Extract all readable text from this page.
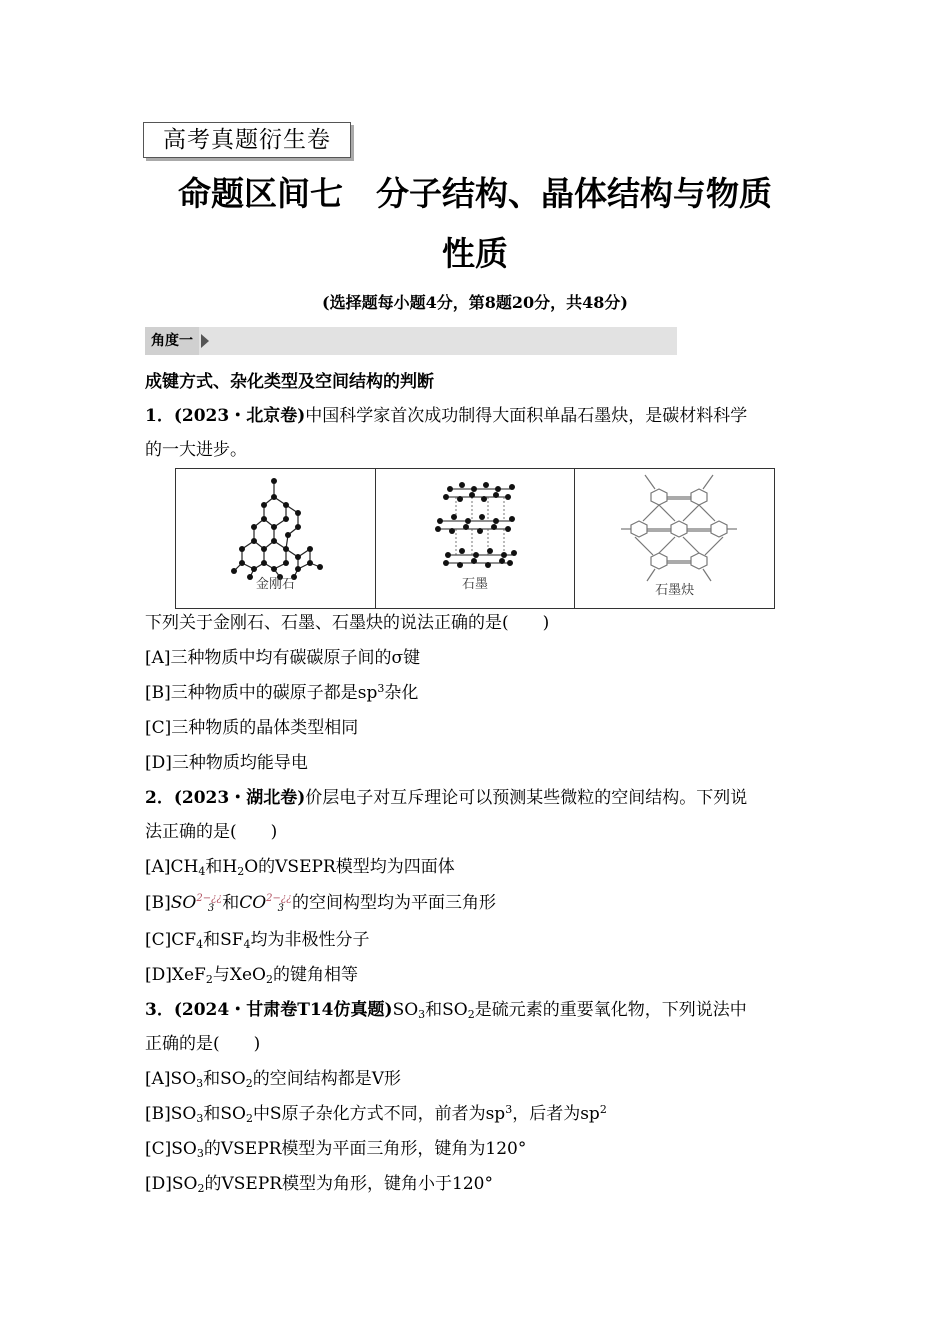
高考真题衍生卷
命题区间七　分子结构、晶体结构与物质
性质
(选择题每小题4分，第8题20分，共48分)
角度一
成键方式、杂化类型及空间结构的判断
1．(2023・北京卷)中国科学家首次成功制得大面积单晶石墨炔，是碳材料科学
的一大进步。
金刚石	石墨	石墨炔
下列关于金刚石、石墨、石墨炔的说法正确的是(　　)
[A]三种物质中均有碳碳原子间的σ键
[B]三种物质中的碳原子都是$sp^3$杂化
[C]三种物质的晶体类型相同
[D]三种物质均能导电
2．(2023・湖北卷)价层电子对互斥理论可以预测某些微粒的空间结构。下列说
法正确的是(　　)
$[A]CH_4$和$H_2O$的VSEPR模型均为四面体
$[B]SO^{2-¿¿}3$ 和$CO^{2-¿¿}3$ 的空间构型均为平面三角形
$[C]CF_4$和$SF_4$均为非极性分子
[D]XeF$_2$与XeO$_2$的键角相等
3．(2024・甘肃卷T14仿真题)$SO_3$和$SO_2$是硫元素的重要氧化物，下列说法中
正确的是(　　)
$[A]SO_3$和$SO_2$的空间结构都是V形
$[B]SO_3$和$SO_2$中S原子杂化方式不同，前者为$sp^3$，后者为$sp^2$
$[C]SO_3$的VSEPR模型为平面三角形，键角为120°
$[D]SO_2$的VSEPR模型为角形，键角小于120°
